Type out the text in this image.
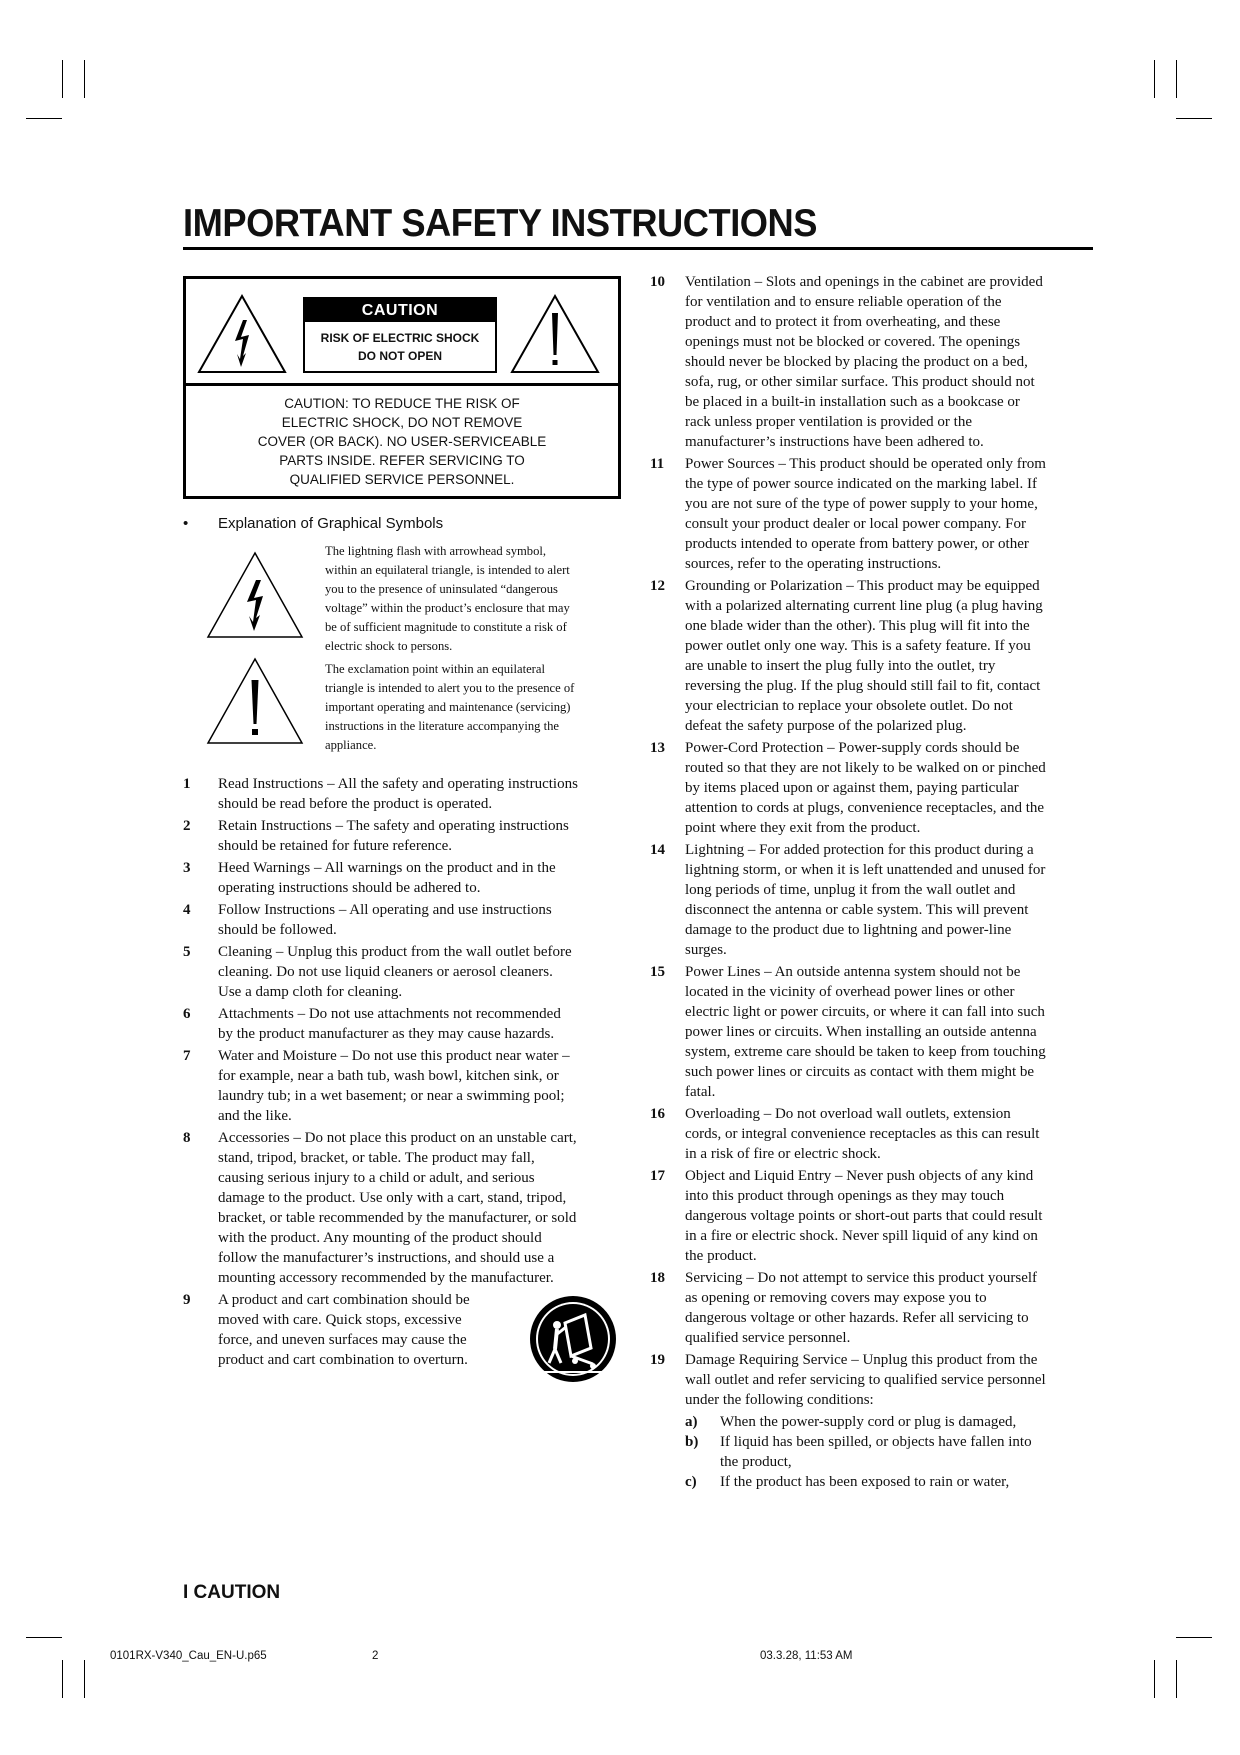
IMPORTANT SAFETY INSTRUCTIONS
CAUTION
RISK OF ELECTRIC SHOCK
DO NOT OPEN
CAUTION: TO REDUCE THE RISK OF
ELECTRIC SHOCK, DO NOT REMOVE
COVER (OR BACK). NO USER-SERVICEABLE
PARTS INSIDE. REFER SERVICING TO
QUALIFIED SERVICE PERSONNEL.
• Explanation of Graphical Symbols
The lightning flash with arrowhead symbol,
within an equilateral triangle, is intended to alert
you to the presence of uninsulated “dangerous
voltage” within the product’s enclosure that may
be of sufficient magnitude to constitute a risk of
electric shock to persons.
The exclamation point within an equilateral
triangle is intended to alert you to the presence of
important operating and maintenance (servicing)
instructions in the literature accompanying the
appliance.
1 Read Instructions – All the safety and operating instructions
should be read before the product is operated.
2 Retain Instructions – The safety and operating instructions
should be retained for future reference.
3 Heed Warnings – All warnings on the product and in the
operating instructions should be adhered to.
4 Follow Instructions – All operating and use instructions
should be followed.
5 Cleaning – Unplug this product from the wall outlet before
cleaning. Do not use liquid cleaners or aerosol cleaners.
Use a damp cloth for cleaning.
6 Attachments – Do not use attachments not recommended
by the product manufacturer as they may cause hazards.
7 Water and Moisture – Do not use this product near water –
for example, near a bath tub, wash bowl, kitchen sink, or
laundry tub; in a wet basement; or near a swimming pool;
and the like.
8 Accessories – Do not place this product on an unstable cart,
stand, tripod, bracket, or table. The product may fall,
causing serious injury to a child or adult, and serious
damage to the product. Use only with a cart, stand, tripod,
bracket, or table recommended by the manufacturer, or sold
with the product. Any mounting of the product should
follow the manufacturer’s instructions, and should use a
mounting accessory recommended by the manufacturer.
9 A product and cart combination should be
moved with care. Quick stops, excessive
force, and uneven surfaces may cause the
product and cart combination to overturn.
10 Ventilation – Slots and openings in the cabinet are provided
for ventilation and to ensure reliable operation of the
product and to protect it from overheating, and these
openings must not be blocked or covered. The openings
should never be blocked by placing the product on a bed,
sofa, rug, or other similar surface. This product should not
be placed in a built-in installation such as a bookcase or
rack unless proper ventilation is provided or the
manufacturer’s instructions have been adhered to.
11 Power Sources – This product should be operated only from
the type of power source indicated on the marking label. If
you are not sure of the type of power supply to your home,
consult your product dealer or local power company. For
products intended to operate from battery power, or other
sources, refer to the operating instructions.
12 Grounding or Polarization – This product may be equipped
with a polarized alternating current line plug (a plug having
one blade wider than the other). This plug will fit into the
power outlet only one way. This is a safety feature. If you
are unable to insert the plug fully into the outlet, try
reversing the plug. If the plug should still fail to fit, contact
your electrician to replace your obsolete outlet. Do not
defeat the safety purpose of the polarized plug.
13 Power-Cord Protection – Power-supply cords should be
routed so that they are not likely to be walked on or pinched
by items placed upon or against them, paying particular
attention to cords at plugs, convenience receptacles, and the
point where they exit from the product.
14 Lightning – For added protection for this product during a
lightning storm, or when it is left unattended and unused for
long periods of time, unplug it from the wall outlet and
disconnect the antenna or cable system. This will prevent
damage to the product due to lightning and power-line
surges.
15 Power Lines – An outside antenna system should not be
located in the vicinity of overhead power lines or other
electric light or power circuits, or where it can fall into such
power lines or circuits. When installing an outside antenna
system, extreme care should be taken to keep from touching
such power lines or circuits as contact with them might be
fatal.
16 Overloading – Do not overload wall outlets, extension
cords, or integral convenience receptacles as this can result
in a risk of fire or electric shock.
17 Object and Liquid Entry – Never push objects of any kind
into this product through openings as they may touch
dangerous voltage points or short-out parts that could result
in a fire or electric shock. Never spill liquid of any kind on
the product.
18 Servicing – Do not attempt to service this product yourself
as opening or removing covers may expose you to
dangerous voltage or other hazards. Refer all servicing to
qualified service personnel.
19 Damage Requiring Service – Unplug this product from the
wall outlet and refer servicing to qualified service personnel
under the following conditions:
a) When the power-supply cord or plug is damaged,
b) If liquid has been spilled, or objects have fallen into
the product,
c) If the product has been exposed to rain or water,
I CAUTION
0101RX-V340_Cau_EN-U.p65	2	03.3.28, 11:53 AM
